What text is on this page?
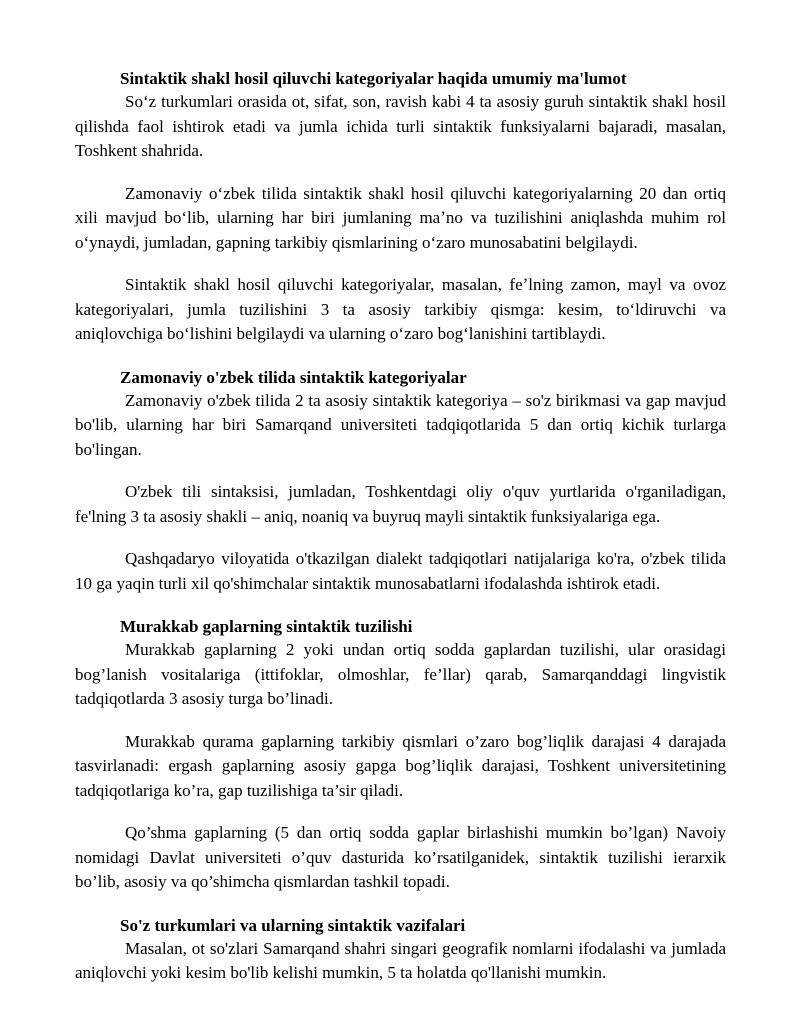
Sintaktik shakl hosil qiluvchi kategoriyalar haqida umumiy ma'lumot

Soʻz turkumlari orasida ot, sifat, son, ravish kabi 4 ta asosiy guruh sintaktik shakl hosil qilishda faol ishtirok etadi va jumla ichida turli sintaktik funksiyalarni bajaradi, masalan, Toshkent shahrida.

Zamonaviy oʻzbek tilida sintaktik shakl hosil qiluvchi kategoriyalarning 20 dan ortiq xili mavjud boʻlib, ularning har biri jumlaning maʼno va tuzilishini aniqlashda muhim rol oʻynaydi, jumladan, gapning tarkibiy qismlarining oʻzaro munosabatini belgilaydi.

Sintaktik shakl hosil qiluvchi kategoriyalar, masalan, feʼlning zamon, mayl va ovoz kategoriyalari, jumla tuzilishini 3 ta asosiy tarkibiy qismga: kesim, toʻldiruvchi va aniqlovchiga boʻlishini belgilaydi va ularning oʻzaro bogʻlanishini tartiblaydi.

Zamonaviy o'zbek tilida sintaktik kategoriyalar

Zamonaviy o'zbek tilida 2 ta asosiy sintaktik kategoriya – so'z birikmasi va gap mavjud bo'lib, ularning har biri Samarqand universiteti tadqiqotlarida 5 dan ortiq kichik turlarga bo'lingan.

O'zbek tili sintaksisi, jumladan, Toshkentdagi oliy o'quv yurtlarida o'rganiladigan, fe'lning 3 ta asosiy shakli – aniq, noaniq va buyruq mayli sintaktik funksiyalariga ega.

Qashqadaryo viloyatida o'tkazilgan dialekt tadqiqotlari natijalariga ko'ra, o'zbek tilida 10 ga yaqin turli xil qo'shimchalar sintaktik munosabatlarni ifodalashda ishtirok etadi.

Murakkab gaplarning sintaktik tuzilishi

Murakkab gaplarning 2 yoki undan ortiq sodda gaplardan tuzilishi, ular orasidagi bog’lanish vositalariga (ittifoklar, olmoshlar, fe’llar) qarab, Samarqanddagi lingvistik tadqiqotlarda 3 asosiy turga bo’linadi.

Murakkab qurama gaplarning tarkibiy qismlari o’zaro bog’liqlik darajasi 4 darajada tasvirlanadi: ergash gaplarning asosiy gapga bog’liqlik darajasi, Toshkent universitetining tadqiqotlariga ko’ra, gap tuzilishiga ta’sir qiladi.

Qo’shma gaplarning (5 dan ortiq sodda gaplar birlashishi mumkin bo’lgan) Navoiy nomidagi Davlat universiteti o’quv dasturida ko’rsatilganidek, sintaktik tuzilishi ierarxik bo’lib, asosiy va qo’shimcha qismlardan tashkil topadi.

So'z turkumlari va ularning sintaktik vazifalari

Masalan, ot so'zlari Samarqand shahri singari geografik nomlarni ifodalashi va jumlada aniqlovchi yoki kesim bo'lib kelishi mumkin, 5 ta holatda qo'llanishi mumkin.
